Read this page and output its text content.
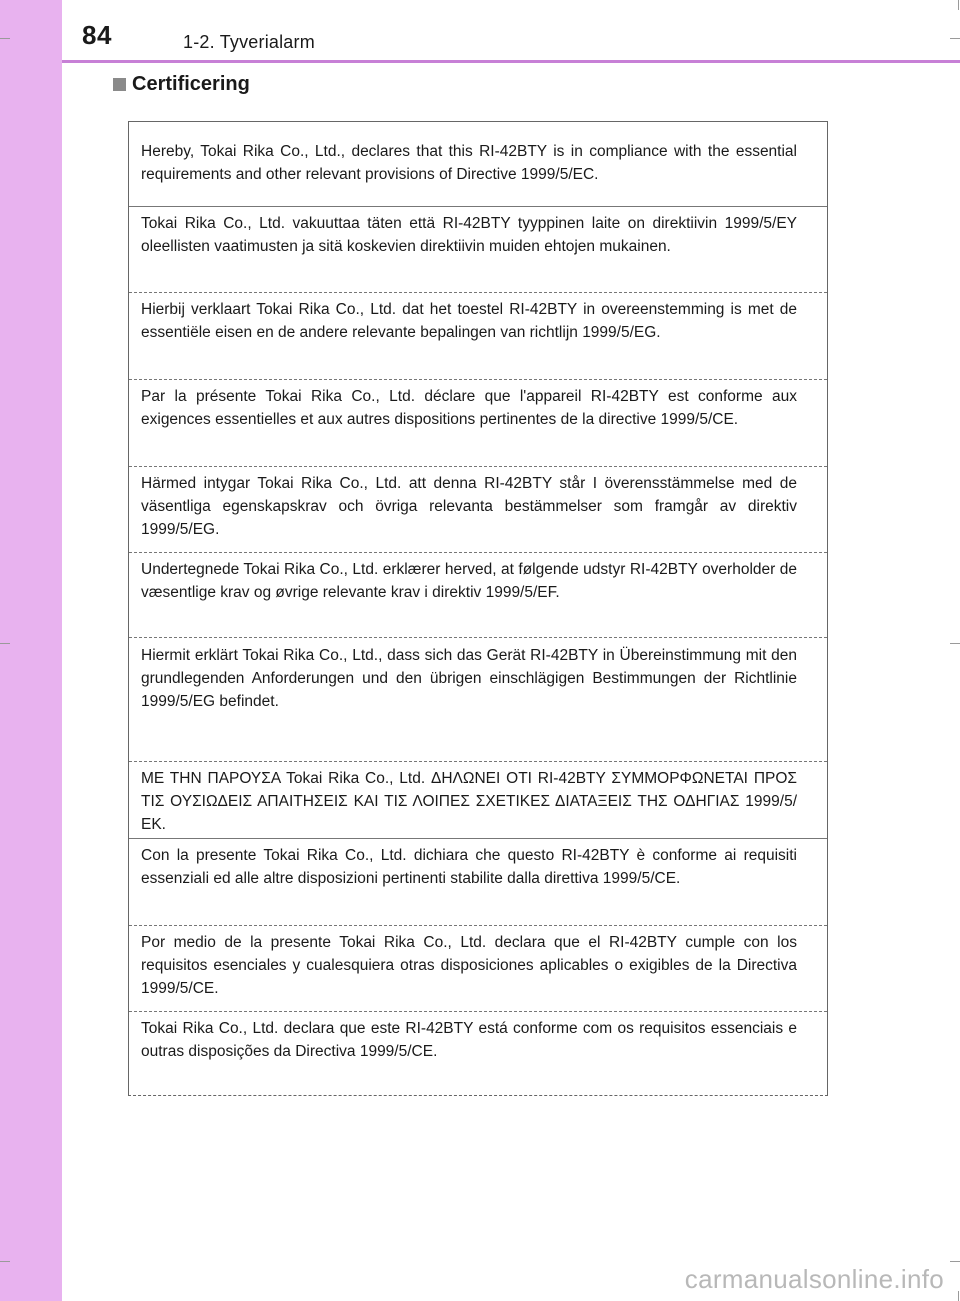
84	1-2. Tyverialarm
Certificering
Hereby, Tokai Rika Co., Ltd., declares that this RI-42BTY is in compliance with the essential requirements and other relevant provisions of Directive 1999/5/EC.
Tokai Rika Co., Ltd. vakuuttaa täten että RI-42BTY tyyppinen laite on direktiivin 1999/5/EY oleellisten vaatimusten ja sitä koskevien direktiivin muiden ehtojen mukainen.
Hierbij verklaart Tokai Rika Co., Ltd. dat het toestel RI-42BTY in overeenstemming is met de essentiële eisen en de andere relevante bepalingen van richtlijn 1999/5/EG.
Par la présente Tokai Rika Co., Ltd. déclare que l'appareil RI-42BTY est conforme aux exigences essentielles et aux autres dispositions pertinentes de la directive 1999/5/CE.
Härmed intygar Tokai Rika Co., Ltd. att denna RI-42BTY står I överensstämmelse med de väsentliga egenskapskrav och övriga relevanta bestämmelser som framgår av direktiv 1999/5/EG.
Undertegnede Tokai Rika Co., Ltd. erklærer herved, at følgende udstyr RI-42BTY overholder de væsentlige krav og øvrige relevante krav i direktiv 1999/5/EF.
Hiermit erklärt Tokai Rika Co., Ltd., dass sich das Gerät RI-42BTY in Übereinstimmung mit den grundlegenden Anforderungen und den übrigen einschlägigen Bestimmungen der Richtlinie 1999/5/EG befindet.
ΜΕ ΤΗΝ ΠΑΡΟΥΣΑ Tokai Rika Co., Ltd. ΔΗΛΩΝΕΙ ΟΤΙ RI-42BTY ΣΥΜΜΟΡΦΩΝΕΤΑΙ ΠΡΟΣ ΤΙΣ ΟΥΣΙΩΔΕΙΣ ΑΠΑΙΤΗΣΕΙΣ ΚΑΙ ΤΙΣ ΛΟΙΠΕΣ ΣΧΕΤΙΚΕΣ ΔΙΑΤΑΞΕΙΣ ΤΗΣ ΟΔΗΓΙΑΣ 1999/5/ΕΚ.
Con la presente Tokai Rika Co., Ltd. dichiara che questo RI-42BTY è conforme ai requisiti essenziali ed alle altre disposizioni pertinenti stabilite dalla direttiva 1999/5/CE.
Por medio de la presente Tokai Rika Co., Ltd. declara que el RI-42BTY cumple con los requisitos esenciales y cualesquiera otras disposiciones aplicables o exigibles de la Directiva 1999/5/CE.
Tokai Rika Co., Ltd. declara que este RI-42BTY está conforme com os requisitos essenciais e outras disposições da Directiva 1999/5/CE.
carmanualsonline.info
